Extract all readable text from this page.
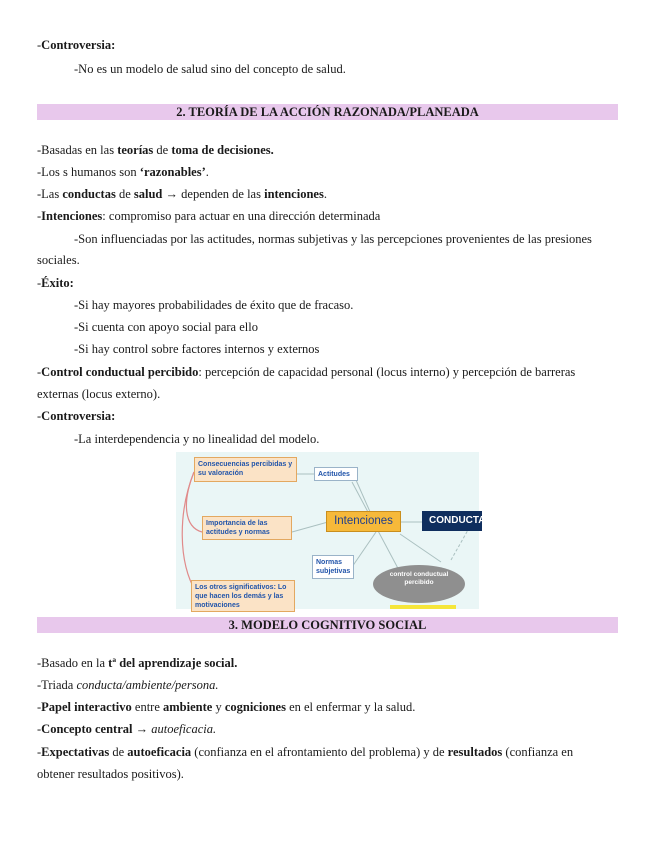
-Controversia:
-No es un modelo de salud sino del concepto de salud.
2. TEORÍA DE LA ACCIÓN RAZONADA/PLANEADA
-Basadas en las teorías de toma de decisiones.
-Los s humanos son ‘razonables’.
-Las conductas de salud → dependen de las intenciones.
-Intenciones: compromiso para actuar en una dirección determinada
-Son influenciadas por las actitudes, normas subjetivas y las percepciones provenientes de las presiones
sociales.
-Éxito:
-Si hay mayores probabilidades de éxito que de fracaso.
-Si cuenta con apoyo social para ello
-Si hay control sobre factores internos y externos
-Control conductual percibido: percepción de capacidad personal (locus interno) y percepción de barreras
externas (locus externo).
-Controversia:
-La interdependencia y no linealidad del modelo.
Consecuencias percibidas y su valoración	Actitudes
Importancia de las actitudes y normas
Intenciones	CONDUCTA
Normas subjetivas
Los otros significativos: Lo que hacen los demás y las motivaciones
control conductual percibido
3. MODELO COGNITIVO SOCIAL
-Basado en la tª del aprendizaje social.
-Triada conducta/ambiente/persona.
-Papel interactivo entre ambiente y cogniciones en el enfermar y la salud.
-Concepto central → autoeficacia.
-Expectativas de autoeficacia (confianza en el afrontamiento del problema) y de resultados (confianza en
obtener resultados positivos).
